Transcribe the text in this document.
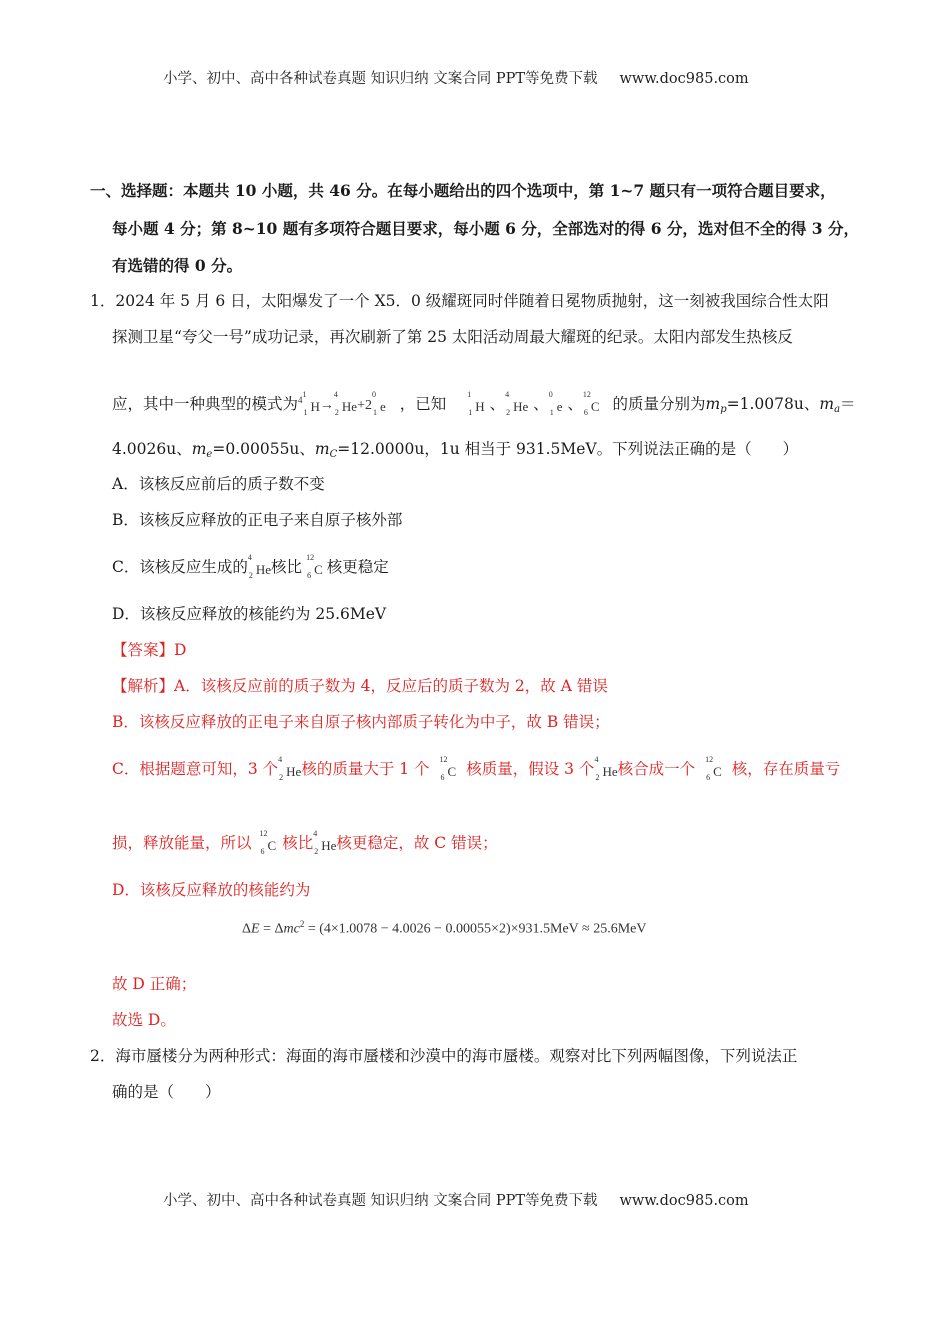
小学、初中、高中各种试卷真题 知识归纳 文案合同 PPT等免费下载 www.doc985.com
一、选择题：本题共 10 小题，共 46 分。在每小题给出的四个选项中，第 1~7 题只有一项符合题目要求，
每小题 4 分；第 8~10 题有多项符合题目要求，每小题 6 分，全部选对的得 6 分，选对但不全的得 3 分，
有选错的得 0 分。
1．2024 年 5 月 6 日，太阳爆发了一个 X5．0 级耀斑同时伴随着日冕物质抛射，这一刻被我国综合性太阳
探测卫星“夸父一号”成功记录，再次刷新了第 25 太阳活动周最大耀斑的纪录。太阳内部发生热核反
应，其中一种典型的模式为$^4$
1
1 H→
4
2 He+2
0
1 e ，已知
1
1 H 、
4
2 He 、
0
1 e 、
12
6 C 的质量分别为$m_p=1.0078u$、$m_a=$
4.0026u、$m_e=0.00055u$、$m_C=12.0000u$，1u 相当于 931.5MeV。下列说法正确的是（　　）
A．该核反应前后的质子数不变
B．该核反应释放的正电子来自原子核外部
C．该核反应生成的
4
2 He核比
12
6 C 核更稳定
D．该核反应释放的核能约为 25.6MeV
【答案】D
【解析】A．该核反应前的质子数为 4，反应后的质子数为 2，故 A 错误
B．该核反应释放的正电子来自原子核内部质子转化为中子，故 B 错误；
C．根据题意可知，3 个
4
2 He核的质量大于 1 个
12
6 C 核质量，假设 3 个
4
2 He核合成一个
12
6 C 核，存在质量亏
损，释放能量，所以
12
6 C 核比
4
2 He核更稳定，故 C 错误；
D．该核反应释放的核能约为
ΔE = Δmc$^2$ = (4×1.0078 − 4.0026 − 0.00055×2)×931.5MeV ≈ 25.6MeV
故 D 正确；
故选 D。
2．海市蜃楼分为两种形式：海面的海市蜃楼和沙漠中的海市蜃楼。观察对比下列两幅图像，下列说法正
确的是（　　）
小学、初中、高中各种试卷真题 知识归纳 文案合同 PPT等免费下载 www.doc985.com
